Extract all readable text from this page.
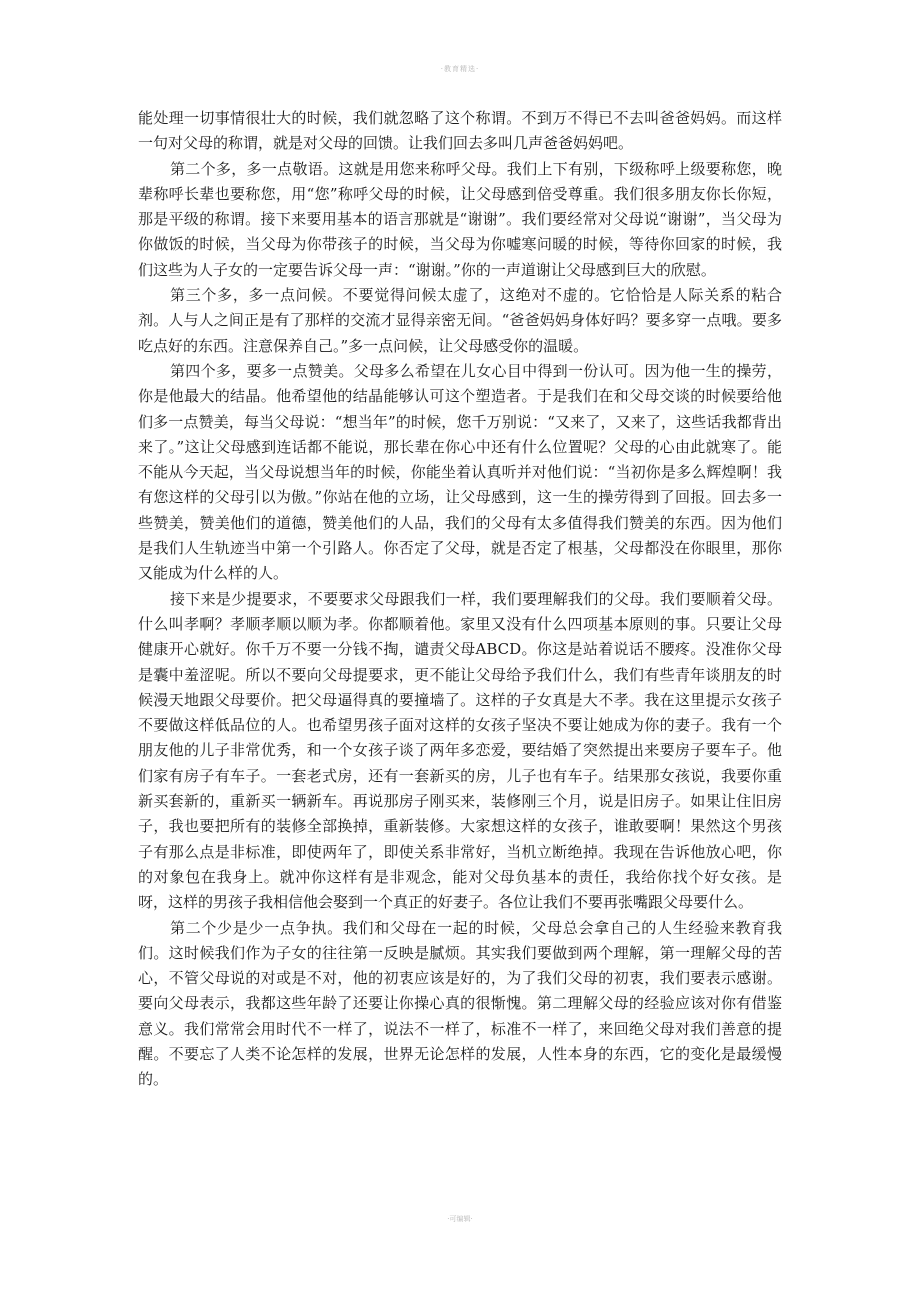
·教育精选·

能处理一切事情很壮大的时候，我们就忽略了这个称谓。不到万不得已不去叫爸爸妈妈。而这样一句对父母的称谓，就是对父母的回馈。让我们回去多叫几声爸爸妈妈吧。

第二个多，多一点敬语。这就是用您来称呼父母。我们上下有别，下级称呼上级要称您，晚辈称呼长辈也要称您，用“您”称呼父母的时候，让父母感到倍受尊重。我们很多朋友你长你短，那是平级的称谓。接下来要用基本的语言那就是“谢谢”。我们要经常对父母说“谢谢”，当父母为你做饭的时候，当父母为你带孩子的时候，当父母为你嘘寒问暖的时候，等待你回家的时候，我们这些为人子女的一定要告诉父母一声：“谢谢。”你的一声道谢让父母感到巨大的欣慰。

第三个多，多一点问候。不要觉得问候太虚了，这绝对不虚的。它恰恰是人际关系的粘合剂。人与人之间正是有了那样的交流才显得亲密无间。“爸爸妈妈身体好吗？要多穿一点哦。要多吃点好的东西。注意保养自己。”多一点问候，让父母感受你的温暖。

第四个多，要多一点赞美。父母多么希望在儿女心目中得到一份认可。因为他一生的操劳，你是他最大的结晶。他希望他的结晶能够认可这个塑造者。于是我们在和父母交谈的时候要给他们多一点赞美，每当父母说：“想当年”的时候，您千万别说：“又来了，又来了，这些话我都背出来了。”这让父母感到连话都不能说，那长辈在你心中还有什么位置呢？父母的心由此就寒了。能不能从今天起，当父母说想当年的时候，你能坐着认真听并对他们说：“当初你是多么辉煌啊！我有您这样的父母引以为傲。”你站在他的立场，让父母感到，这一生的操劳得到了回报。回去多一些赞美，赞美他们的道德，赞美他们的人品，我们的父母有太多值得我们赞美的东西。因为他们是我们人生轨迹当中第一个引路人。你否定了父母，就是否定了根基，父母都没在你眼里，那你又能成为什么样的人。

接下来是少提要求，不要要求父母跟我们一样，我们要理解我们的父母。我们要顺着父母。什么叫孝啊？孝顺孝顺以顺为孝。你都顺着他。家里又没有什么四项基本原则的事。只要让父母健康开心就好。你千万不要一分钱不掏，谴责父母ABCD。你这是站着说话不腰疼。没准你父母是囊中羞涩呢。所以不要向父母提要求，更不能让父母给予我们什么，我们有些青年谈朋友的时候漫天地跟父母要价。把父母逼得真的要撞墙了。这样的子女真是大不孝。我在这里提示女孩子不要做这样低品位的人。也希望男孩子面对这样的女孩子坚决不要让她成为你的妻子。我有一个朋友他的儿子非常优秀，和一个女孩子谈了两年多恋爱，要结婚了突然提出来要房子要车子。他们家有房子有车子。一套老式房，还有一套新买的房，儿子也有车子。结果那女孩说，我要你重新买套新的，重新买一辆新车。再说那房子刚买来，装修刚三个月，说是旧房子。如果让住旧房子，我也要把所有的装修全部换掉，重新装修。大家想这样的女孩子，谁敢要啊！果然这个男孩子有那么点是非标准，即使两年了，即使关系非常好，当机立断绝掉。我现在告诉他放心吧，你的对象包在我身上。就冲你这样有是非观念，能对父母负基本的责任，我给你找个好女孩。是呀，这样的男孩子我相信他会娶到一个真正的好妻子。各位让我们不要再张嘴跟父母要什么。

第二个少是少一点争执。我们和父母在一起的时候，父母总会拿自己的人生经验来教育我们。这时候我们作为子女的往往第一反映是腻烦。其实我们要做到两个理解，第一理解父母的苦心，不管父母说的对或是不对，他的初衷应该是好的，为了我们父母的初衷，我们要表示感谢。要向父母表示，我都这些年龄了还要让你操心真的很惭愧。第二理解父母的经验应该对你有借鉴意义。我们常常会用时代不一样了，说法不一样了，标准不一样了，来回绝父母对我们善意的提醒。不要忘了人类不论怎样的发展，世界无论怎样的发展，人性本身的东西，它的变化是最缓慢的。

·可编辑·
